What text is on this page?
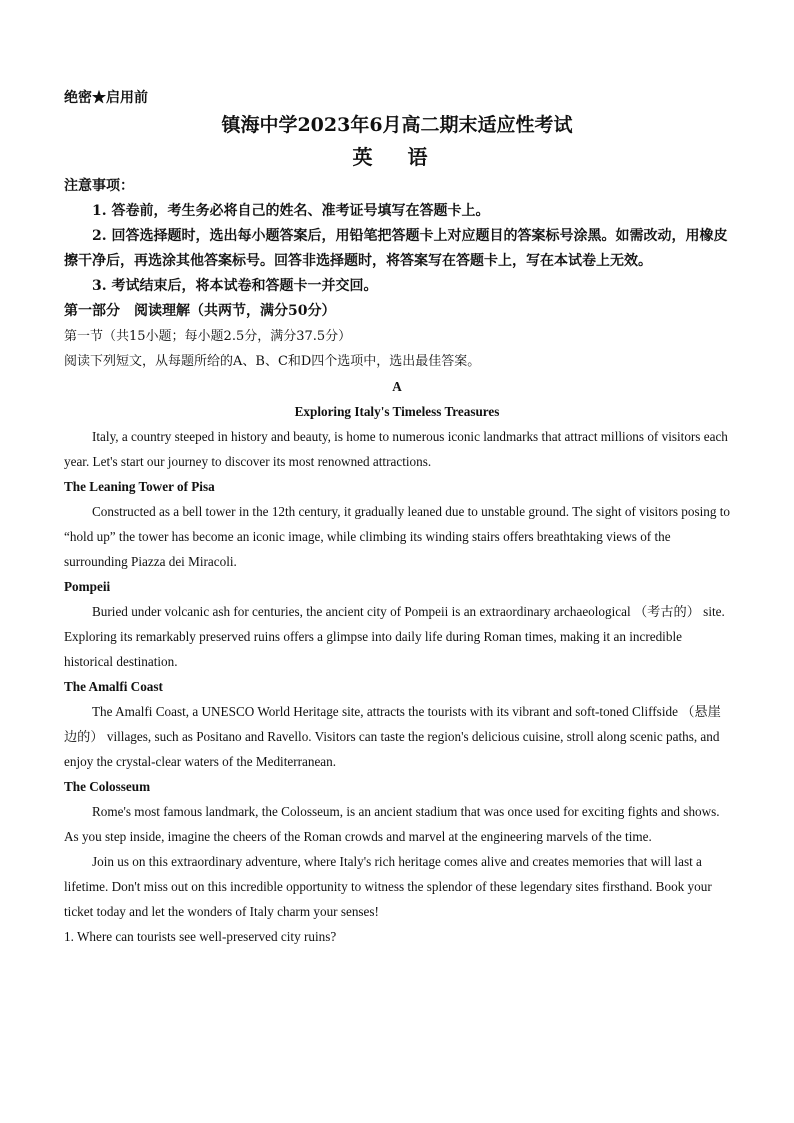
绝密★启用前
镇海中学2023年6月高二期末适应性考试
英 语
注意事项：
1. 答卷前，考生务必将自己的姓名、准考证号填写在答题卡上。
2. 回答选择题时，选出每小题答案后，用铅笔把答题卡上对应题目的答案标号涂黑。如需改动，用橡皮擦干净后，再选涂其他答案标号。回答非选择题时，将答案写在答题卡上，写在本试卷上无效。
3. 考试结束后，将本试卷和答题卡一并交回。
第一部分　阅读理解（共两节，满分50分）
第一节（共15小题；每小题2.5分，满分37.5分）
阅读下列短文，从每题所给的A、B、C和D四个选项中，选出最佳答案。
A
Exploring Italy's Timeless Treasures

Italy, a country steeped in history and beauty, is home to numerous iconic landmarks that attract millions of visitors each year. Let's start our journey to discover its most renowned attractions.

The Leaning Tower of Pisa

Constructed as a bell tower in the 12th century, it gradually leaned due to unstable ground. The sight of visitors posing to “hold up” the tower has become an iconic image, while climbing its winding stairs offers breathtaking views of the surrounding Piazza dei Miracoli.

Pompeii

Buried under volcanic ash for centuries, the ancient city of Pompeii is an extraordinary archaeological （考古的） site. Exploring its remarkably preserved ruins offers a glimpse into daily life during Roman times, making it an incredible historical destination.

The Amalfi Coast

The Amalfi Coast, a UNESCO World Heritage site, attracts the tourists with its vibrant and soft-toned Cliffside （悬崖边的） villages, such as Positano and Ravello. Visitors can taste the region's delicious cuisine, stroll along scenic paths, and enjoy the crystal-clear waters of the Mediterranean.

The Colosseum

Rome's most famous landmark, the Colosseum, is an ancient stadium that was once used for exciting fights and shows. As you step inside, imagine the cheers of the Roman crowds and marvel at the engineering marvels of the time.

Join us on this extraordinary adventure, where Italy's rich heritage comes alive and creates memories that will last a lifetime. Don't miss out on this incredible opportunity to witness the splendor of these legendary sites firsthand. Book your ticket today and let the wonders of Italy charm your senses!

1. Where can tourists see well-preserved city ruins?
